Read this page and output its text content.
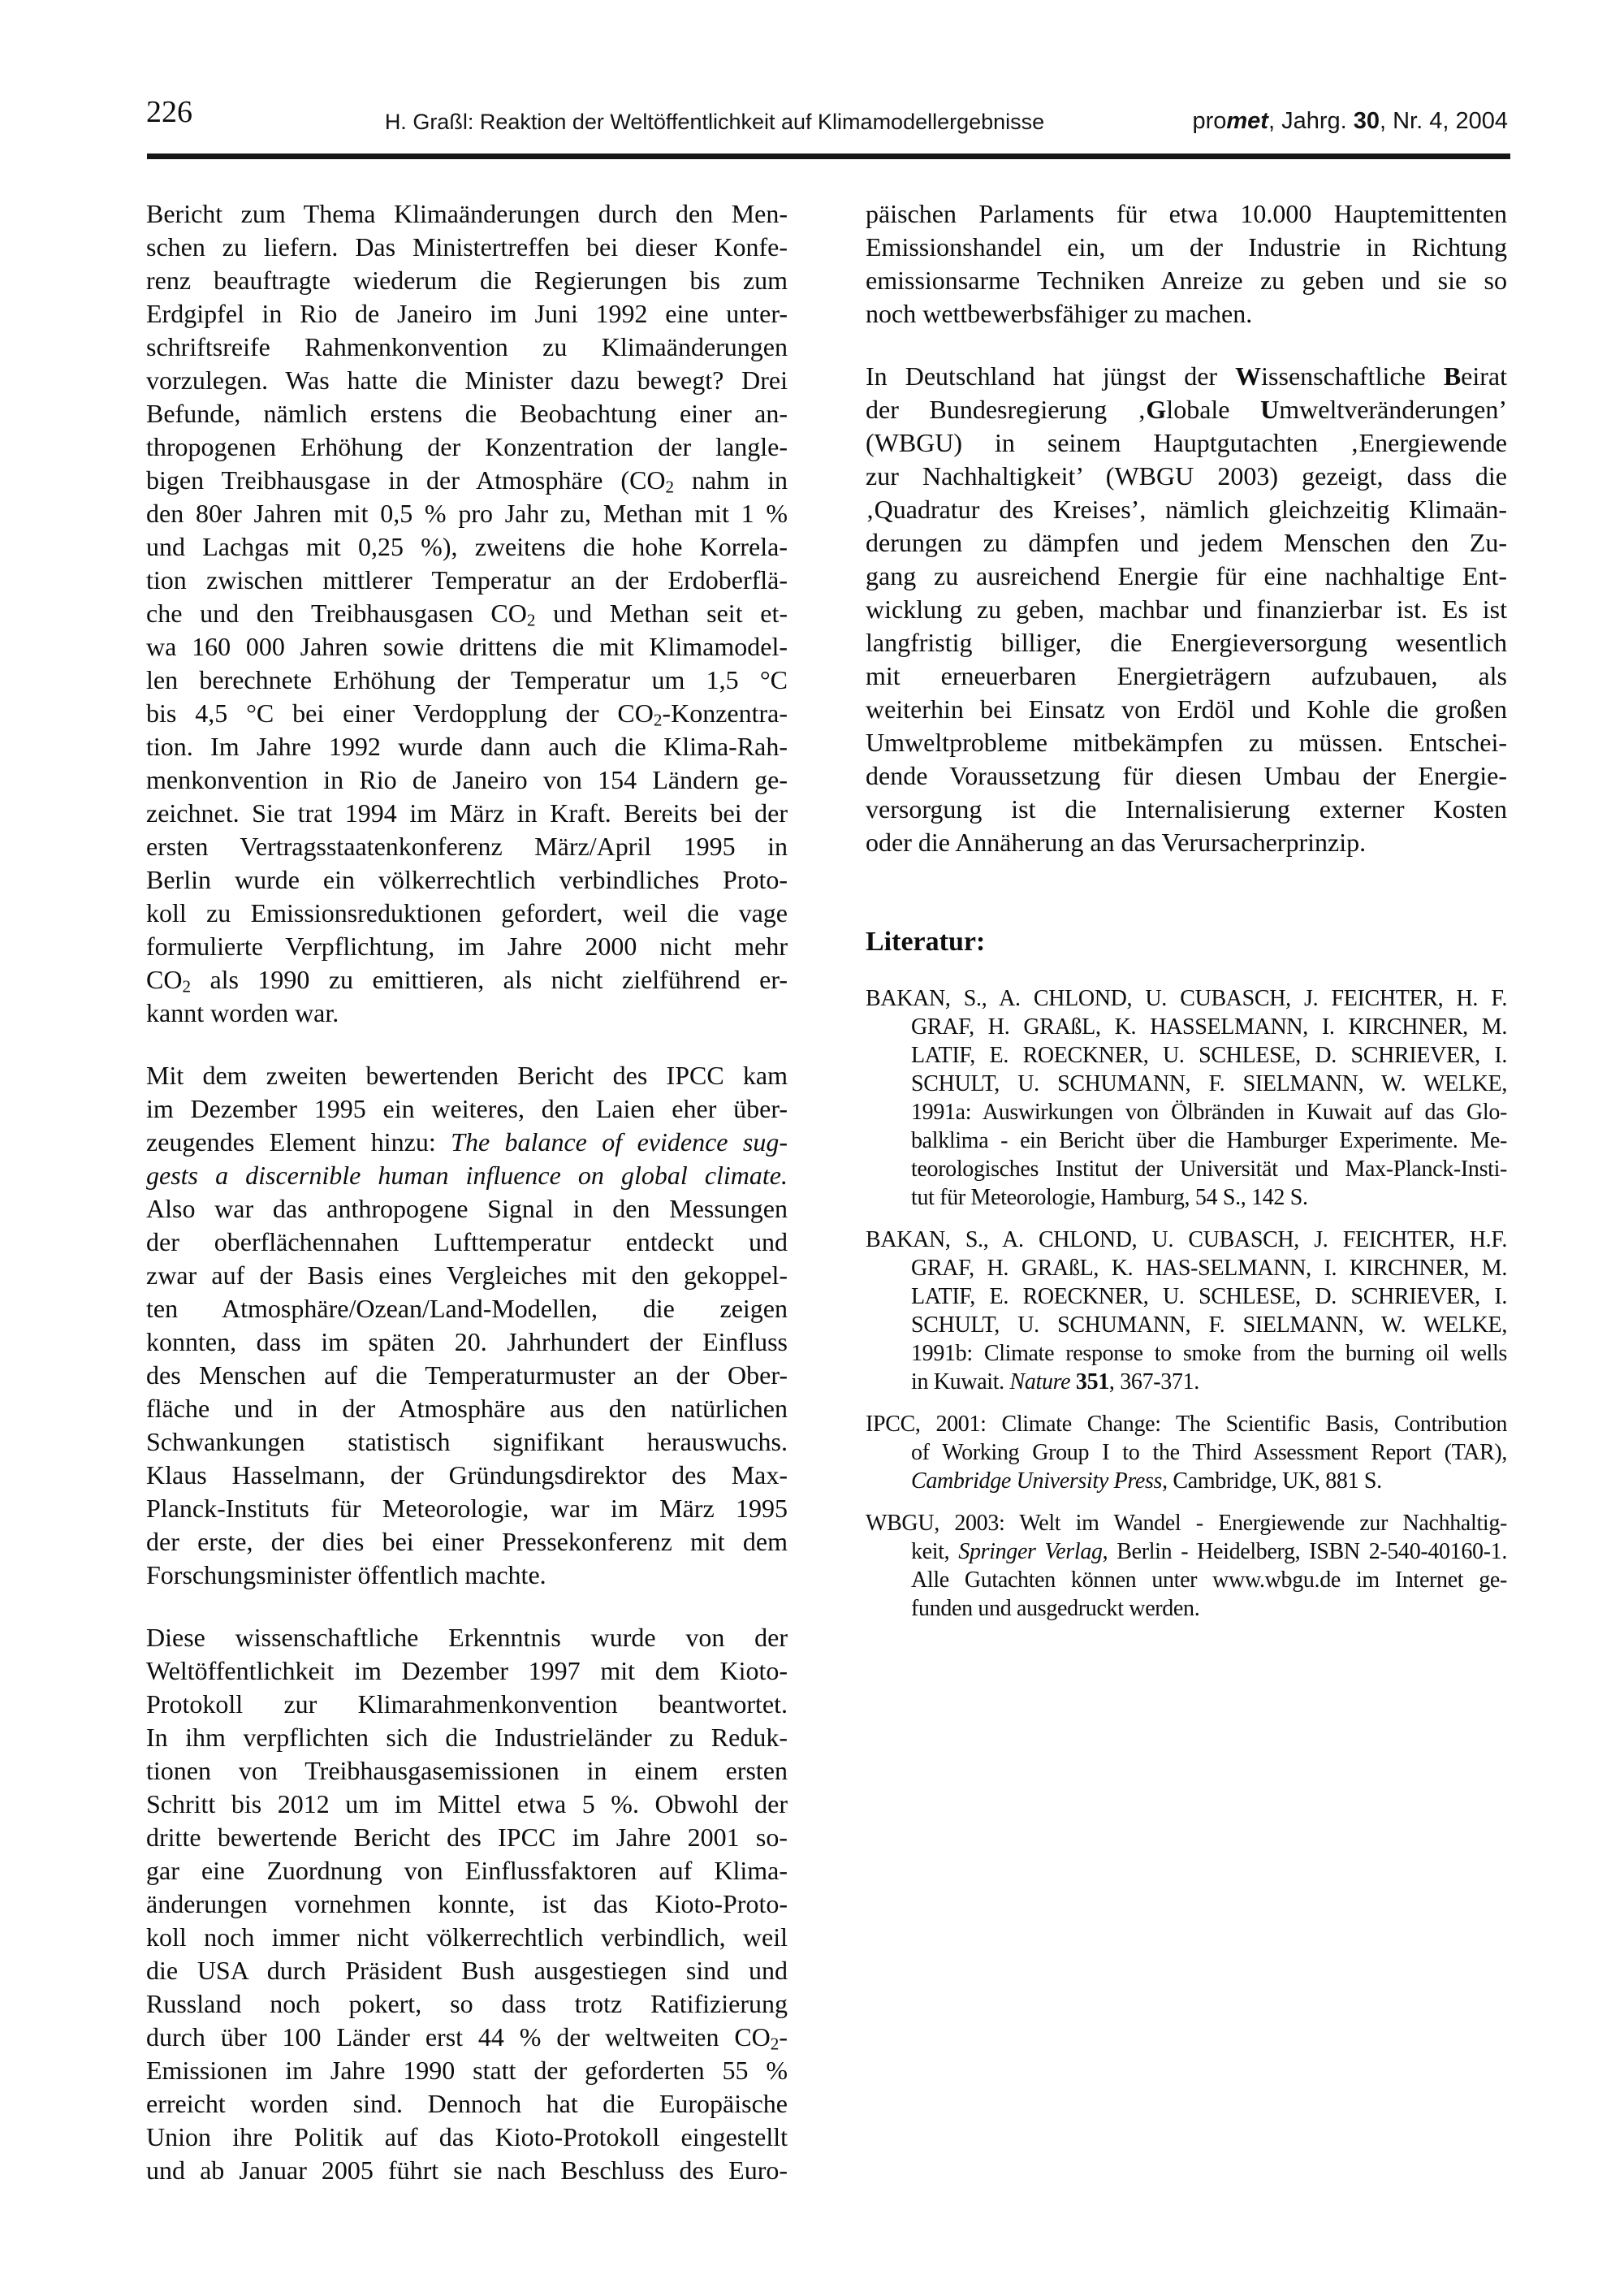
226	H. Graßl: Reaktion der Weltöffentlichkeit auf Klimamodellergebnisse	promet, Jahrg. 30, Nr. 4, 2004
Bericht zum Thema Klimaänderungen durch den Men-
schen zu liefern. Das Ministertreffen bei dieser Konfe-
renz beauftragte wiederum die Regierungen bis zum
Erdgipfel in Rio de Janeiro im Juni 1992 eine unter-
schriftsreife Rahmenkonvention zu Klimaänderungen
vorzulegen. Was hatte die Minister dazu bewegt? Drei
Befunde, nämlich erstens die Beobachtung einer an-
thropogenen Erhöhung der Konzentration der langle-
bigen Treibhausgase in der Atmosphäre ($CO_2$ nahm in
den 80er Jahren mit 0,5 % pro Jahr zu, Methan mit 1 %
und Lachgas mit 0,25 %), zweitens die hohe Korrela-
tion zwischen mittlerer Temperatur an der Erdoberflä-
che und den Treibhausgasen $CO_2$ und Methan seit et-
wa 160 000 Jahren sowie drittens die mit Klimamodel-
len berechnete Erhöhung der Temperatur um 1,5 °C
bis 4,5 °C bei einer Verdopplung der $CO_2-Konzentra-$
tion. Im Jahre 1992 wurde dann auch die Klima-Rah-
menkonvention in Rio de Janeiro von 154 Ländern ge-
zeichnet. Sie trat 1994 im März in Kraft. Bereits bei der
ersten Vertragsstaatenkonferenz März/April 1995 in
Berlin wurde ein völkerrechtlich verbindliches Proto-
koll zu Emissionsreduktionen gefordert, weil die vage
formulierte Verpflichtung, im Jahre 2000 nicht mehr
$CO_2$ als 1990 zu emittieren, als nicht zielführend er-
kannt worden war.
Mit dem zweiten bewertenden Bericht des IPCC kam
im Dezember 1995 ein weiteres, den Laien eher über-
zeugendes Element hinzu: The balance of evidence sug-
gests a discernible human influence on global climate.
Also war das anthropogene Signal in den Messungen
der oberflächennahen Lufttemperatur entdeckt und
zwar auf der Basis eines Vergleiches mit den gekoppel-
ten Atmosphäre/Ozean/Land-Modellen, die zeigen
konnten, dass im späten 20. Jahrhundert der Einfluss
des Menschen auf die Temperaturmuster an der Ober-
fläche und in der Atmosphäre aus den natürlichen
Schwankungen statistisch signifikant herauswuchs.
Klaus Hasselmann, der Gründungsdirektor des Max-
Planck-Instituts für Meteorologie, war im März 1995
der erste, der dies bei einer Pressekonferenz mit dem
Forschungsminister öffentlich machte.
Diese wissenschaftliche Erkenntnis wurde von der
Weltöffentlichkeit im Dezember 1997 mit dem Kioto-
Protokoll zur Klimarahmenkonvention beantwortet.
In ihm verpflichten sich die Industrieländer zu Reduk-
tionen von Treibhausgasemissionen in einem ersten
Schritt bis 2012 um im Mittel etwa 5 %. Obwohl der
dritte bewertende Bericht des IPCC im Jahre 2001 so-
gar eine Zuordnung von Einflussfaktoren auf Klima-
änderungen vornehmen konnte, ist das Kioto-Proto-
koll noch immer nicht völkerrechtlich verbindlich, weil
die USA durch Präsident Bush ausgestiegen sind und
Russland noch pokert, so dass trotz Ratifizierung
durch über 100 Länder erst 44 % der weltweiten $CO_2-$
Emissionen im Jahre 1990 statt der geforderten 55 %
erreicht worden sind. Dennoch hat die Europäische
Union ihre Politik auf das Kioto-Protokoll eingestellt
und ab Januar 2005 führt sie nach Beschluss des Euro-
päischen Parlaments für etwa 10.000 Hauptemittenten
Emissionshandel ein, um der Industrie in Richtung
emissionsarme Techniken Anreize zu geben und sie so
noch wettbewerbsfähiger zu machen.
In Deutschland hat jüngst der Wissenschaftliche Beirat
der Bundesregierung ‚Globale Umweltveränderungen’
(WBGU) in seinem Hauptgutachten ‚Energiewende
zur Nachhaltigkeit’ (WBGU 2003) gezeigt, dass die
‚Quadratur des Kreises’, nämlich gleichzeitig Klimaän-
derungen zu dämpfen und jedem Menschen den Zu-
gang zu ausreichend Energie für eine nachhaltige Ent-
wicklung zu geben, machbar und finanzierbar ist. Es ist
langfristig billiger, die Energieversorgung wesentlich
mit erneuerbaren Energieträgern aufzubauen, als
weiterhin bei Einsatz von Erdöl und Kohle die großen
Umweltprobleme mitbekämpfen zu müssen. Entschei-
dende Voraussetzung für diesen Umbau der Energie-
versorgung ist die Internalisierung externer Kosten
oder die Annäherung an das Verursacherprinzip.
Literatur:
BAKAN, S., A. CHLOND, U. CUBASCH, J. FEICHTER, H. F.
GRAF, H. GRAßL, K. HASSELMANN, I. KIRCHNER, M.
LATIF, E. ROECKNER, U. SCHLESE, D. SCHRIEVER, I.
SCHULT, U. SCHUMANN, F. SIELMANN, W. WELKE,
1991a: Auswirkungen von Ölbränden in Kuwait auf das Glo-
balklima - ein Bericht über die Hamburger Experimente. Me-
teorologisches Institut der Universität und Max-Planck-Insti-
tut für Meteorologie, Hamburg, 54 S., 142 S.
BAKAN, S., A. CHLOND, U. CUBASCH, J. FEICHTER, H.F.
GRAF, H. GRAßL, K. HAS-SELMANN, I. KIRCHNER, M.
LATIF, E. ROECKNER, U. SCHLESE, D. SCHRIEVER, I.
SCHULT, U. SCHUMANN, F. SIELMANN, W. WELKE,
1991b: Climate response to smoke from the burning oil wells
in Kuwait. Nature 351, 367-371.
IPCC, 2001: Climate Change: The Scientific Basis, Contribution
of Working Group I to the Third Assessment Report (TAR),
Cambridge University Press, Cambridge, UK, 881 S.
WBGU, 2003: Welt im Wandel - Energiewende zur Nachhaltig-
keit, Springer Verlag, Berlin - Heidelberg, ISBN 2-540-40160-1.
Alle Gutachten können unter www.wbgu.de im Internet ge-
funden und ausgedruckt werden.
